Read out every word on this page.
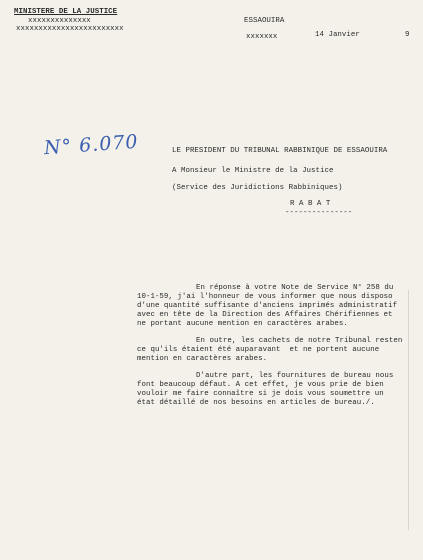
MINISTERE DE LA JUSTICE
xxxxxxxxxxxxxx
xxxxxxxxxxxxxxxxxxxxxxxx
ESSAOUIRA
xxxxxxx	14 Janvier	9
N° 6.070	LE PRESIDENT DU TRIBUNAL RABBINIQUE DE ESSAOUIRA
A Monsieur le Ministre de la Justice
(Service des Juridictions Rabbiniques)
R A B A T
---------------
En réponse à votre Note de Service N° 258 du
10-1-59, j'ai l'honneur de vous informer que nous disposo
d'une quantité suffisante d'anciens imprimés administratif
avec en tête de la Direction des Affaires Chérifiennes et
ne portant aucune mention en caractères arabes.
En outre, les cachets de notre Tribunal resten
ce qu'ils étaient été auparavant  et ne portent aucune
mention en caractères arabes.
D'autre part, les fournitures de bureau nous
font beaucoup défaut. A cet effet, je vous prie de bien
vouloir me faire connaître si je dois vous soumettre un
état détaillé de nos besoins en articles de bureau./.
